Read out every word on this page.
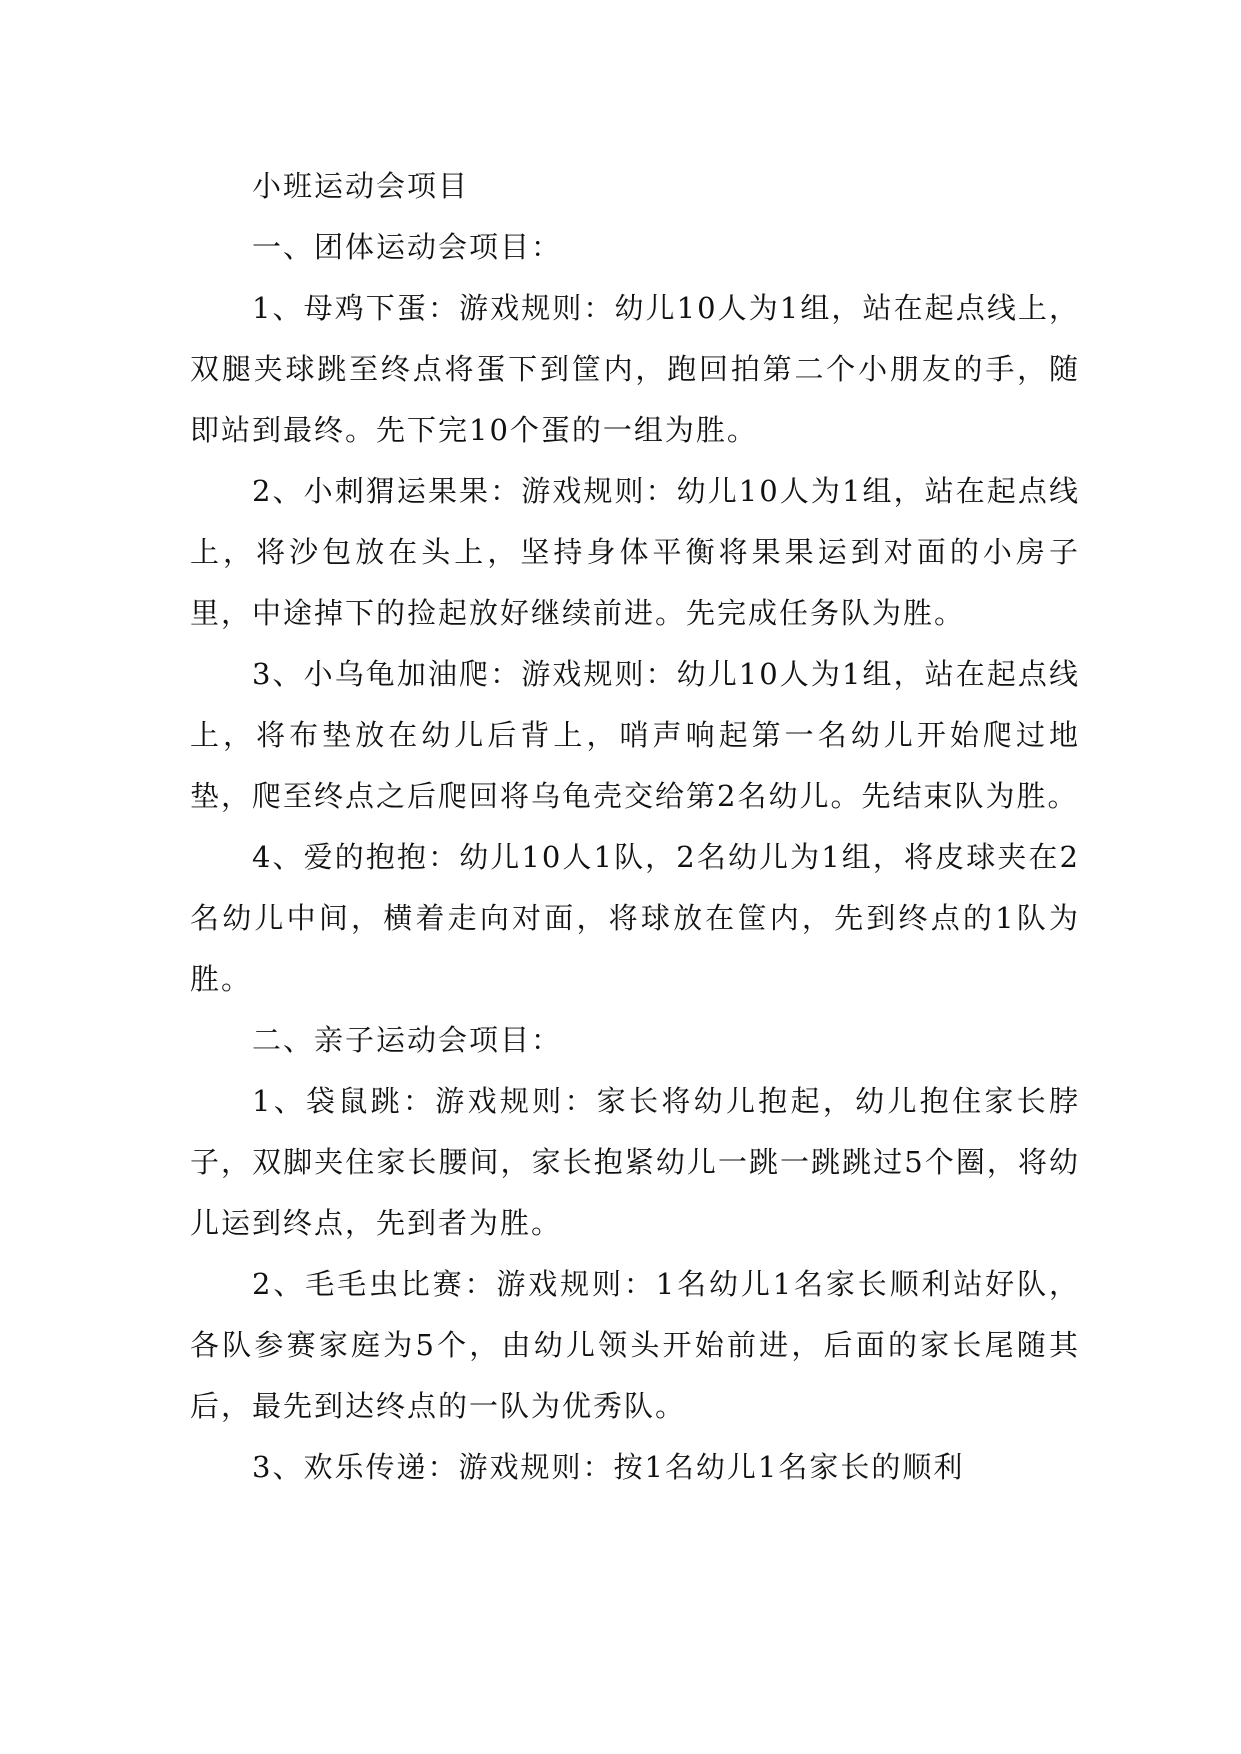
小班运动会项目

一、团体运动会项目：

1、母鸡下蛋：游戏规则：幼儿10人为1组，站在起点线上，双腿夹球跳至终点将蛋下到筐内，跑回拍第二个小朋友的手，随即站到最终。先下完10个蛋的一组为胜。

2、小刺猬运果果：游戏规则：幼儿10人为1组，站在起点线上，将沙包放在头上，坚持身体平衡将果果运到对面的小房子里，中途掉下的捡起放好继续前进。先完成任务队为胜。

3、小乌龟加油爬：游戏规则：幼儿10人为1组，站在起点线上，将布垫放在幼儿后背上，哨声响起第一名幼儿开始爬过地垫，爬至终点之后爬回将乌龟壳交给第2名幼儿。先结束队为胜。

4、爱的抱抱：幼儿10人1队，2名幼儿为1组，将皮球夹在2名幼儿中间，横着走向对面，将球放在筐内，先到终点的1队为胜。

二、亲子运动会项目：

1、袋鼠跳：游戏规则：家长将幼儿抱起，幼儿抱住家长脖子，双脚夹住家长腰间，家长抱紧幼儿一跳一跳跳过5个圈，将幼儿运到终点，先到者为胜。

2、毛毛虫比赛：游戏规则：1名幼儿1名家长顺利站好队，各队参赛家庭为5个，由幼儿领头开始前进，后面的家长尾随其后，最先到达终点的一队为优秀队。

3、欢乐传递：游戏规则：按1名幼儿1名家长的顺利
